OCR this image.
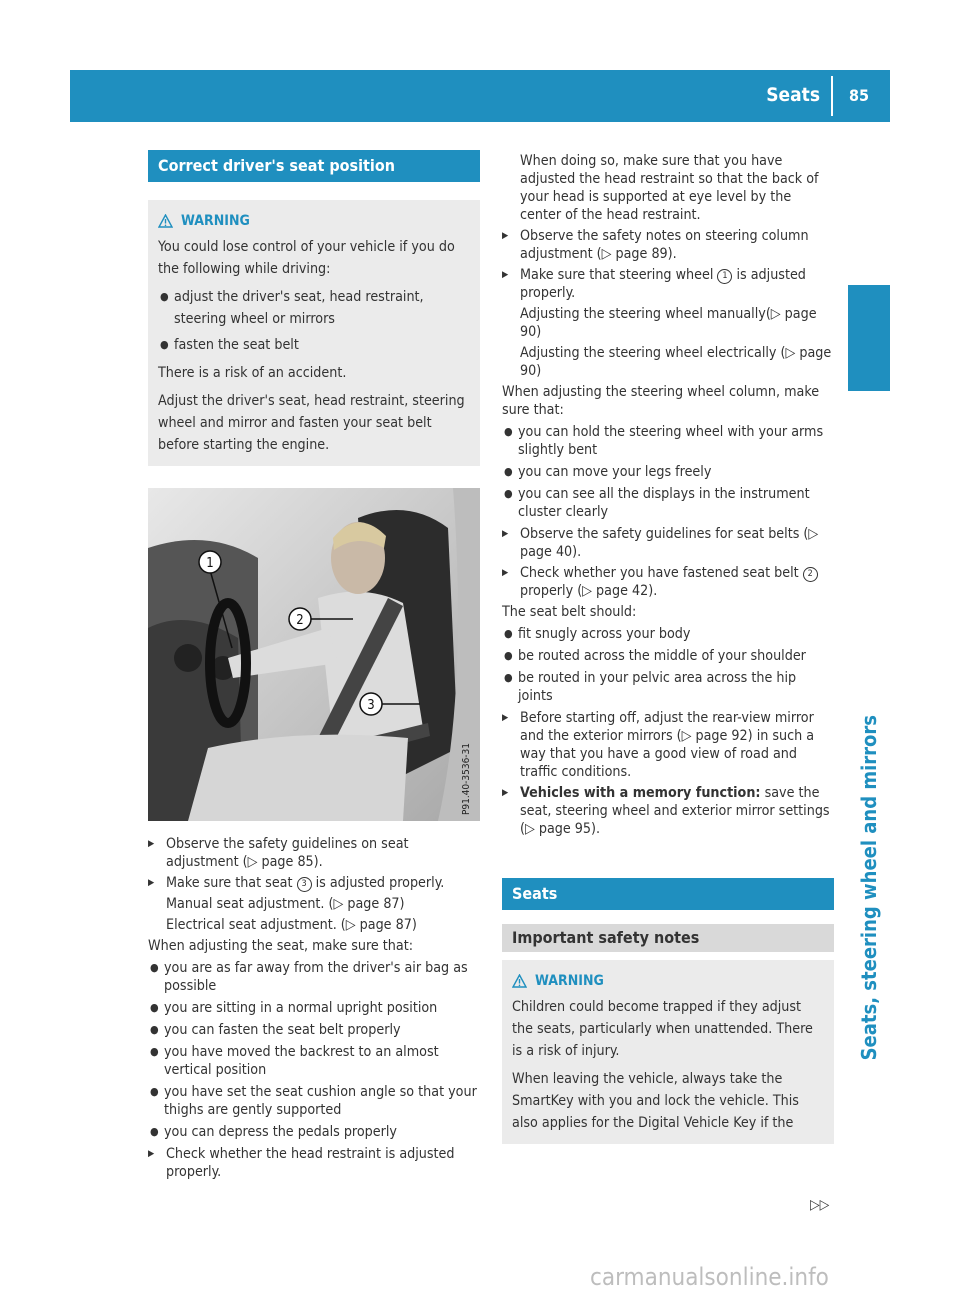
Seats 85
Seats, steering wheel and mirrors
Correct driver's seat position
WARNING

You could lose control of your vehicle if you do the following while driving:

● adjust the driver's seat, head restraint, steering wheel or mirrors
● fasten the seat belt

There is a risk of an accident.

Adjust the driver's seat, head restraint, steering wheel and mirror and fasten your seat belt before starting the engine.

1
2
3
P91.40-3536-31
▶ Observe the safety guidelines on seat adjustment (▷ page 85).
▶ Make sure that seat 3 is adjusted properly.
Manual seat adjustment. (▷ page 87)
Electrical seat adjustment. (▷ page 87)
When adjusting the seat, make sure that:
● you are as far away from the driver's air bag as possible
● you are sitting in a normal upright position
● you can fasten the seat belt properly
● you have moved the backrest to an almost vertical position
● you have set the seat cushion angle so that your thighs are gently supported
● you can depress the pedals properly
▶ Check whether the head restraint is adjusted properly.
When doing so, make sure that you have adjusted the head restraint so that the back of your head is supported at eye level by the center of the head restraint.
▶ Observe the safety notes on steering column adjustment (▷ page 89).
▶ Make sure that steering wheel 1 is adjusted properly.
Adjusting the steering wheel manually(▷ page 90)
Adjusting the steering wheel electrically (▷ page 90)
When adjusting the steering wheel column, make sure that:
● you can hold the steering wheel with your arms slightly bent
● you can move your legs freely
● you can see all the displays in the instrument cluster clearly
▶ Observe the safety guidelines for seat belts (▷ page 40).
▶ Check whether you have fastened seat belt 2 properly (▷ page 42).
The seat belt should:
● fit snugly across your body
● be routed across the middle of your shoulder
● be routed in your pelvic area across the hip joints
▶ Before starting off, adjust the rear-view mirror and the exterior mirrors (▷ page 92) in such a way that you have a good view of road and traffic conditions.
▶ Vehicles with a memory function: save the seat, steering wheel and exterior mirror settings (▷ page 95).
Seats
Important safety notes
WARNING

Children could become trapped if they adjust the seats, particularly when unattended. There is a risk of injury.

When leaving the vehicle, always take the SmartKey with you and lock the vehicle. This also applies for the Digital Vehicle Key if the

▷▷
carmanualsonline.info
